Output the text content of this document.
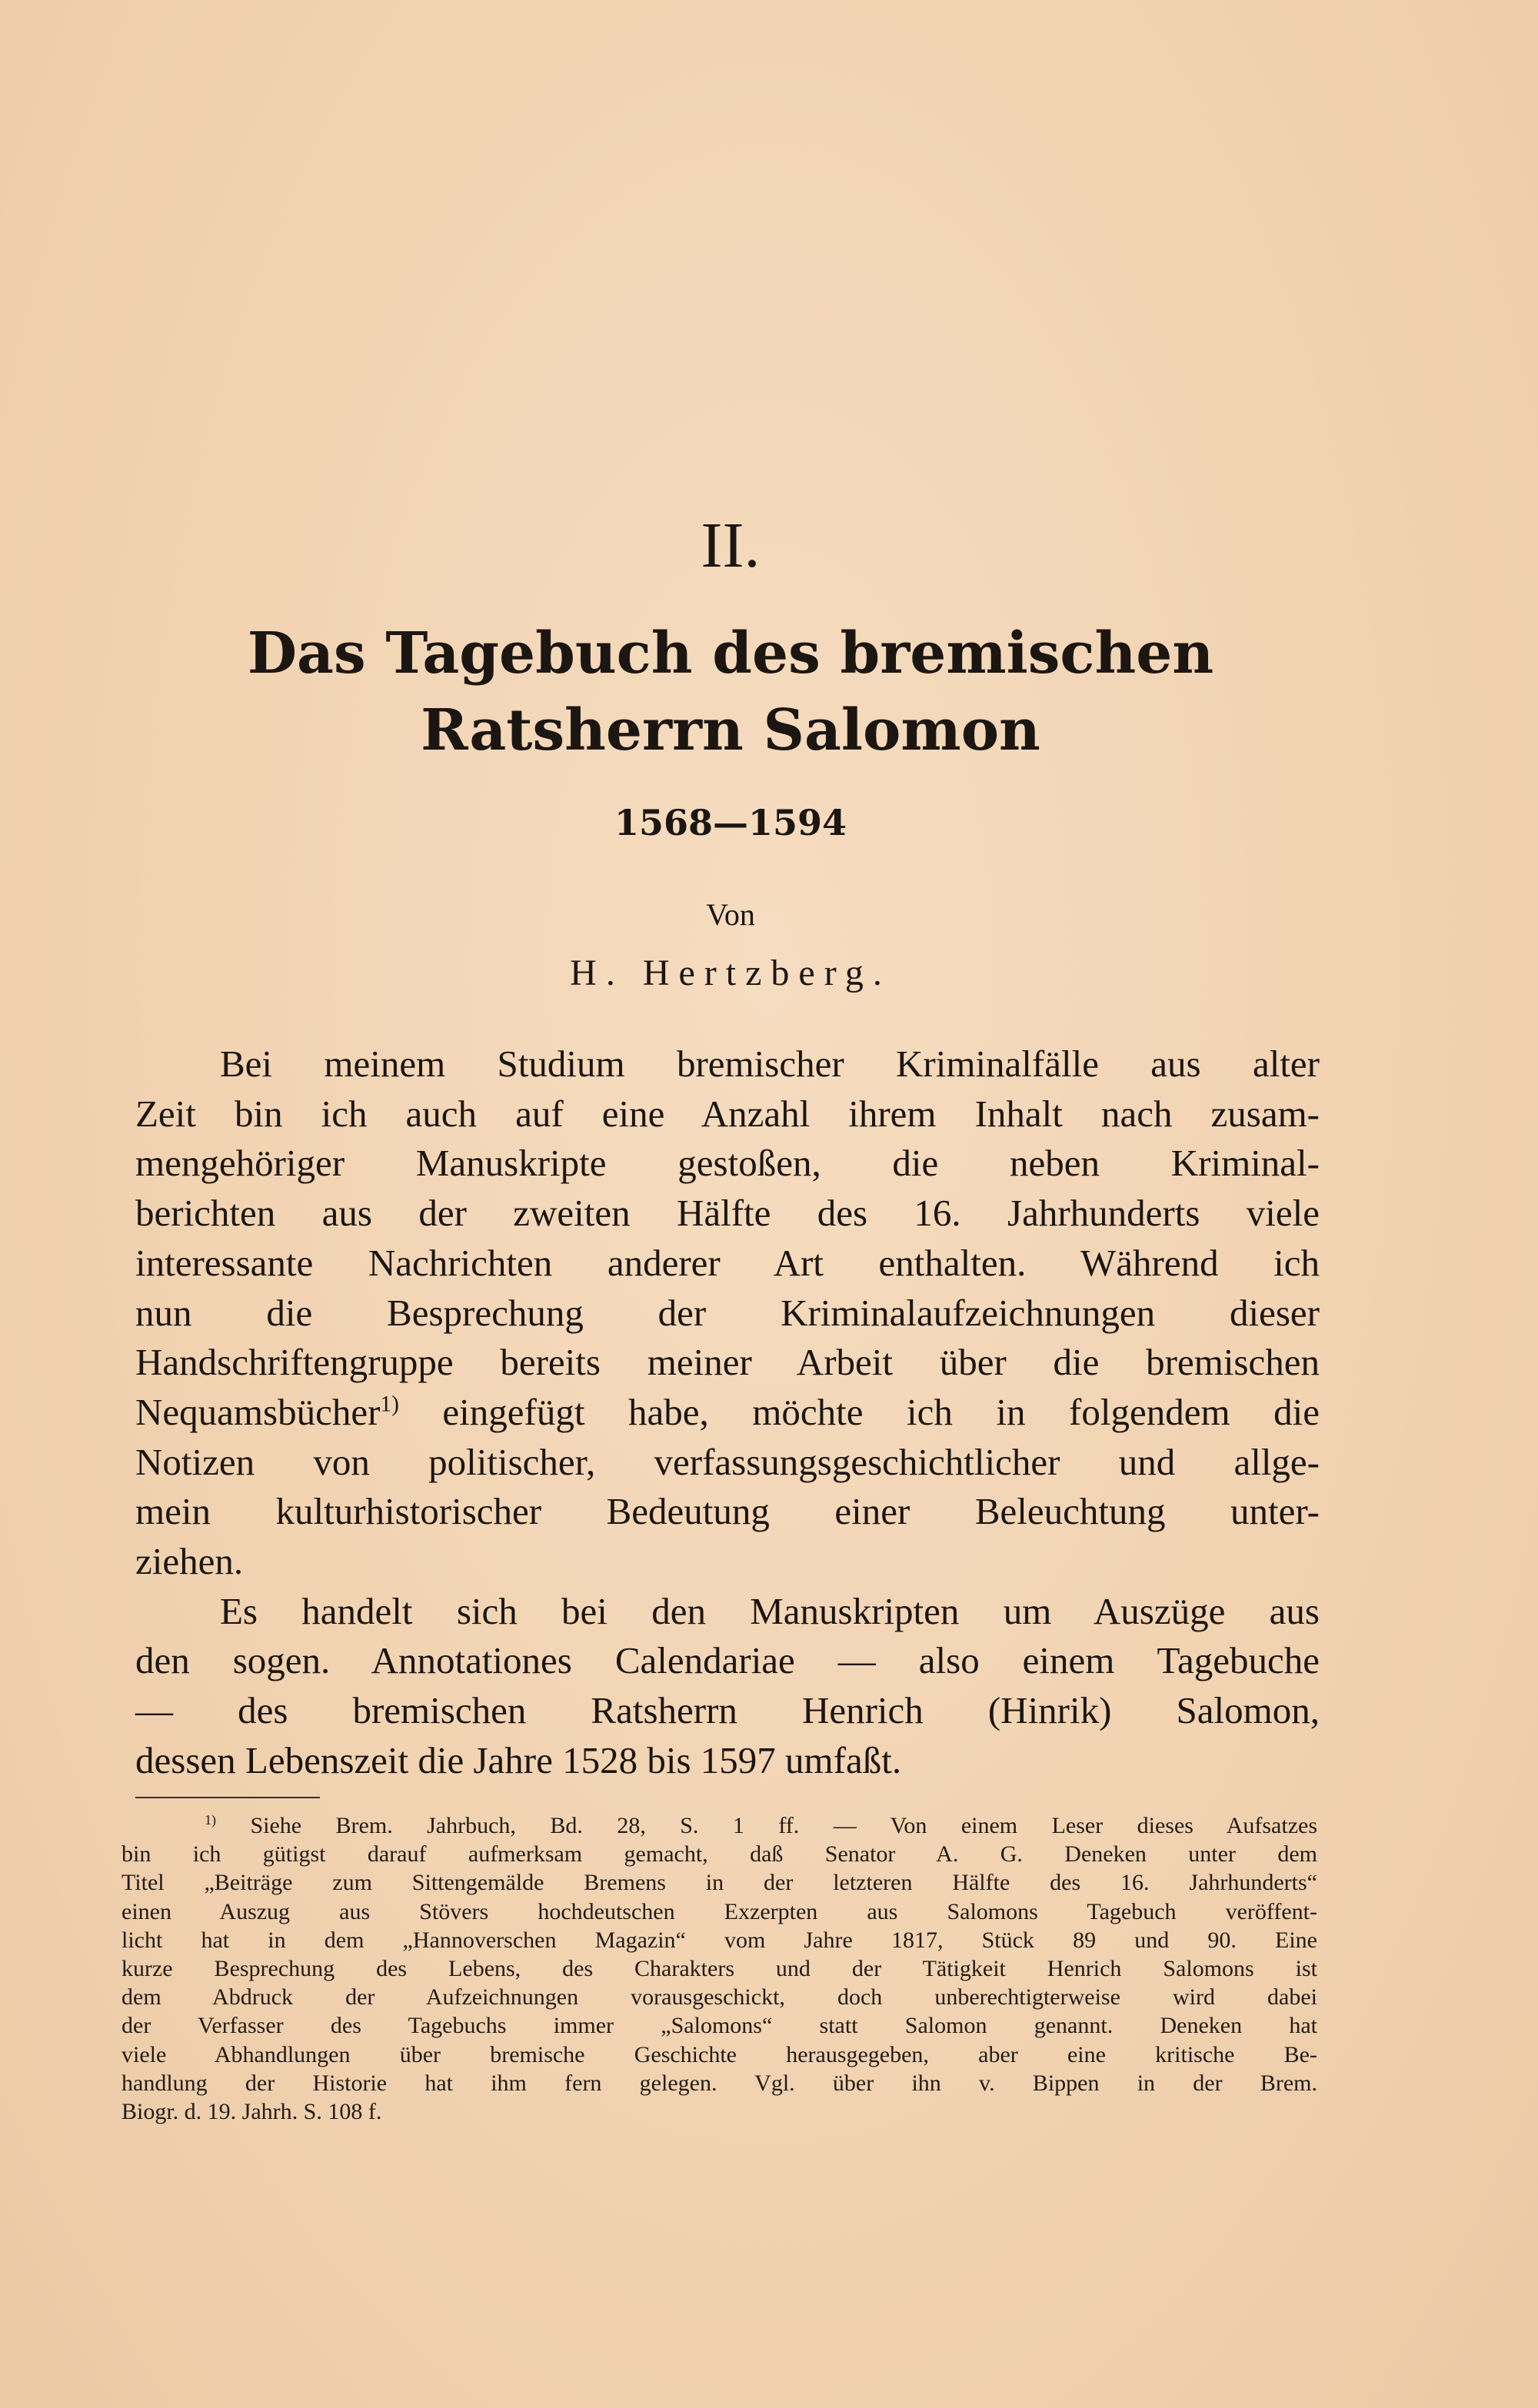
II.
Das Tagebuch des bremischen
Ratsherrn Salomon
1568—1594
Von
H. Hertzberg.
Bei meinem Studium bremischer Kriminalfälle aus alter
Zeit bin ich auch auf eine Anzahl ihrem Inhalt nach zusam-
mengehöriger Manuskripte gestoßen, die neben Kriminal-
berichten aus der zweiten Hälfte des 16. Jahrhunderts viele
interessante Nachrichten anderer Art enthalten. Während ich
nun die Besprechung der Kriminalaufzeichnungen dieser
Handschriftengruppe bereits meiner Arbeit über die bremischen
Nequamsbücher$^{1)}$ eingefügt habe, möchte ich in folgendem die
Notizen von politischer, verfassungsgeschichtlicher und allge-
mein kulturhistorischer Bedeutung einer Beleuchtung unter-
ziehen.
Es handelt sich bei den Manuskripten um Auszüge aus
den sogen. Annotationes Calendariae — also einem Tagebuche
— des bremischen Ratsherrn Henrich (Hinrik) Salomon,
dessen Lebenszeit die Jahre 1528 bis 1597 umfaßt.
$^{1)}$ Siehe Brem. Jahrbuch, Bd. 28, S. 1 ff. — Von einem Leser dieses Aufsatzes
bin ich gütigst darauf aufmerksam gemacht, daß Senator A. G. Deneken unter dem
Titel „Beiträge zum Sittengemälde Bremens in der letzteren Hälfte des 16. Jahrhunderts“
einen Auszug aus Stövers hochdeutschen Exzerpten aus Salomons Tagebuch veröffent-
licht hat in dem „Hannoverschen Magazin“ vom Jahre 1817, Stück 89 und 90. Eine
kurze Besprechung des Lebens, des Charakters und der Tätigkeit Henrich Salomons ist
dem Abdruck der Aufzeichnungen vorausgeschickt, doch unberechtigterweise wird dabei
der Verfasser des Tagebuchs immer „Salomons“ statt Salomon genannt. Deneken hat
viele Abhandlungen über bremische Geschichte herausgegeben, aber eine kritische Be-
handlung der Historie hat ihm fern gelegen. Vgl. über ihn v. Bippen in der Brem.
Biogr. d. 19. Jahrh. S. 108 f.
